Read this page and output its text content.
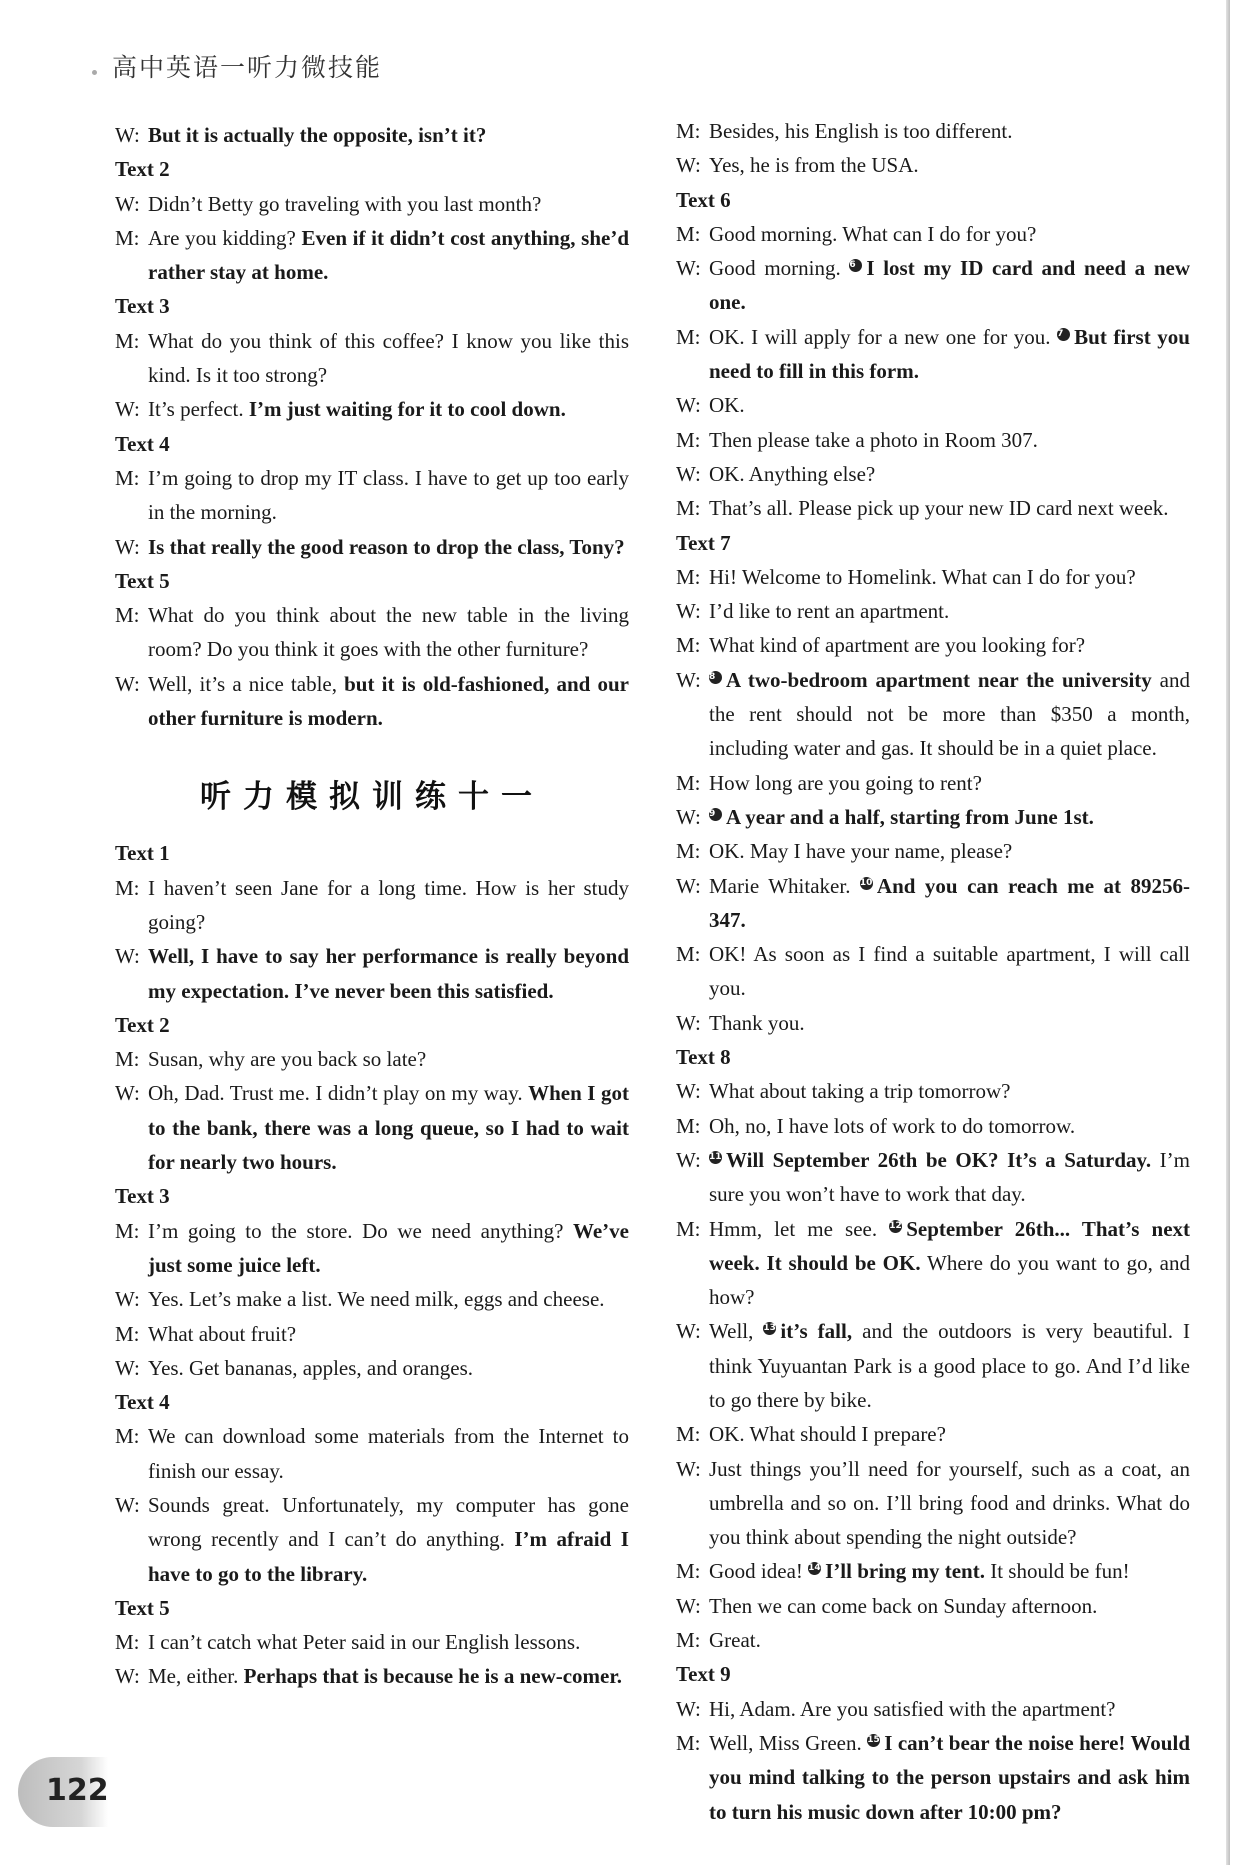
高中英语一听力微技能
W: But it is actually the opposite, isn’t it?
Text 2
W: Didn’t Betty go traveling with you last month?
M: Are you kidding? Even if it didn’t cost anything, she’d rather stay at home.
Text 3
M: What do you think of this coffee? I know you like this kind. Is it too strong?
W: It’s perfect. I’m just waiting for it to cool down.
Text 4
M: I’m going to drop my IT class. I have to get up too early in the morning.
W: Is that really the good reason to drop the class, Tony?
Text 5
M: What do you think about the new table in the living room? Do you think it goes with the other furniture?
W: Well, it’s a nice table, but it is old-fashioned, and our other furniture is modern.
听力模拟训练十一
Text 1
M: I haven’t seen Jane for a long time. How is her study going?
W: Well, I have to say her performance is really beyond my expectation. I’ve never been this satisfied.
Text 2
M: Susan, why are you back so late?
W: Oh, Dad. Trust me. I didn’t play on my way. When I got to the bank, there was a long queue, so I had to wait for nearly two hours.
Text 3
M: I’m going to the store. Do we need anything? We’ve just some juice left.
W: Yes. Let’s make a list. We need milk, eggs and cheese.
M: What about fruit?
W: Yes. Get bananas, apples, and oranges.
Text 4
M: We can download some materials from the Internet to finish our essay.
W: Sounds great. Unfortunately, my computer has gone wrong recently and I can’t do anything. I’m afraid I have to go to the library.
Text 5
M: I can’t catch what Peter said in our English lessons.
W: Me, either. Perhaps that is because he is a new-comer.
M: Besides, his English is too different.
W: Yes, he is from the USA.
Text 6
M: Good morning. What can I do for you?
W: Good morning. 6 I lost my ID card and need a new one.
M: OK. I will apply for a new one for you. 7 But first you need to fill in this form.
W: OK.
M: Then please take a photo in Room 307.
W: OK. Anything else?
M: That’s all. Please pick up your new ID card next week.
Text 7
M: Hi! Welcome to Homelink. What can I do for you?
W: I’d like to rent an apartment.
M: What kind of apartment are you looking for?
W: 8 A two-bedroom apartment near the university and the rent should not be more than $350 a month, including water and gas. It should be in a quiet place.
M: How long are you going to rent?
W: 9 A year and a half, starting from June 1st.
M: OK. May I have your name, please?
W: Marie Whitaker. 10 And you can reach me at 89256-347.
M: OK! As soon as I find a suitable apartment, I will call you.
W: Thank you.
Text 8
W: What about taking a trip tomorrow?
M: Oh, no, I have lots of work to do tomorrow.
W: 11 Will September 26th be OK? It’s a Saturday. I’m sure you won’t have to work that day.
M: Hmm, let me see. 12 September 26th... That’s next week. It should be OK. Where do you want to go, and how?
W: Well, 13 it’s fall, and the outdoors is very beautiful. I think Yuyuantan Park is a good place to go. And I’d like to go there by bike.
M: OK. What should I prepare?
W: Just things you’ll need for yourself, such as a coat, an umbrella and so on. I’ll bring food and drinks. What do you think about spending the night outside?
M: Good idea! 14 I’ll bring my tent. It should be fun!
W: Then we can come back on Sunday afternoon.
M: Great.
Text 9
W: Hi, Adam. Are you satisfied with the apartment?
M: Well, Miss Green. 15 I can’t bear the noise here! Would you mind talking to the person upstairs and ask him to turn his music down after 10:00 pm?
122
